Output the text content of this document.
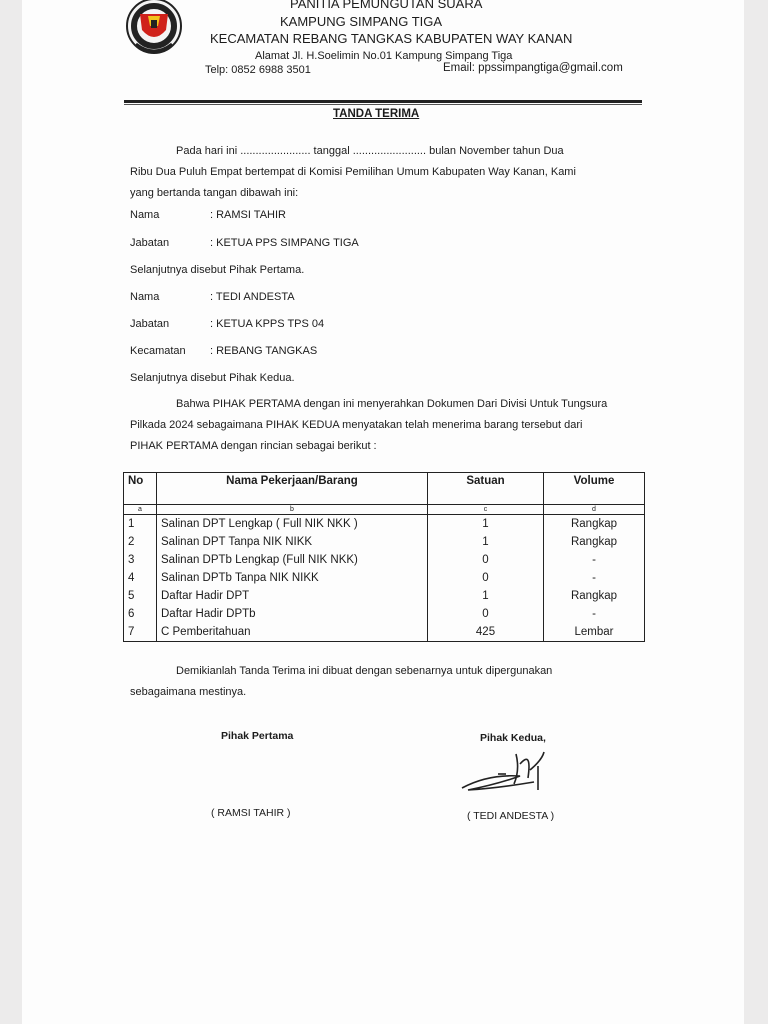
PANITIA PEMUNGUTAN SUARA
KAMPUNG SIMPANG TIGA
KECAMATAN REBANG TANGKAS KABUPATEN WAY KANAN
Alamat Jl. H.Soelimin No.01 Kampung Simpang Tiga
Telp: 0852 6988 3501	Email: ppssimpangtiga@gmail.com
TANDA TERIMA
Pada hari ini ....................... tanggal ........................ bulan November tahun Dua
Ribu Dua Puluh Empat bertempat di Komisi Pemilihan Umum Kabupaten Way Kanan, Kami
yang bertanda tangan dibawah ini:
Nama	: RAMSI TAHIR
Jabatan	: KETUA PPS SIMPANG TIGA
Selanjutnya disebut Pihak Pertama.
Nama	: TEDI ANDESTA
Jabatan	: KETUA KPPS TPS 04
Kecamatan : REBANG TANGKAS
Selanjutnya disebut Pihak Kedua.
Bahwa PIHAK PERTAMA dengan ini menyerahkan Dokumen Dari Divisi Untuk Tungsura
Pilkada 2024 sebagaimana PIHAK KEDUA menyatakan telah menerima barang tersebut dari
PIHAK PERTAMA dengan rincian sebagai berikut :
No	Nama Pekerjaan/Barang	Satuan	Volume
a	b	c	d
1	Salinan DPT Lengkap ( Full NIK NKK )	1	Rangkap
2	Salinan DPT Tanpa NIK NIKK	1	Rangkap
3	Salinan DPTb Lengkap (Full NIK NKK)	0	-
4	Salinan DPTb Tanpa NIK NIKK	0	-
5	Daftar Hadir DPT	1	Rangkap
6	Daftar Hadir DPTb	0	-
7	C Pemberitahuan	425	Lembar
Demikianlah Tanda Terima ini dibuat dengan sebenarnya untuk dipergunakan
sebagaimana mestinya.
Pihak Pertama	Pihak Kedua,
( RAMSI TAHIR )	( TEDI ANDESTA )
